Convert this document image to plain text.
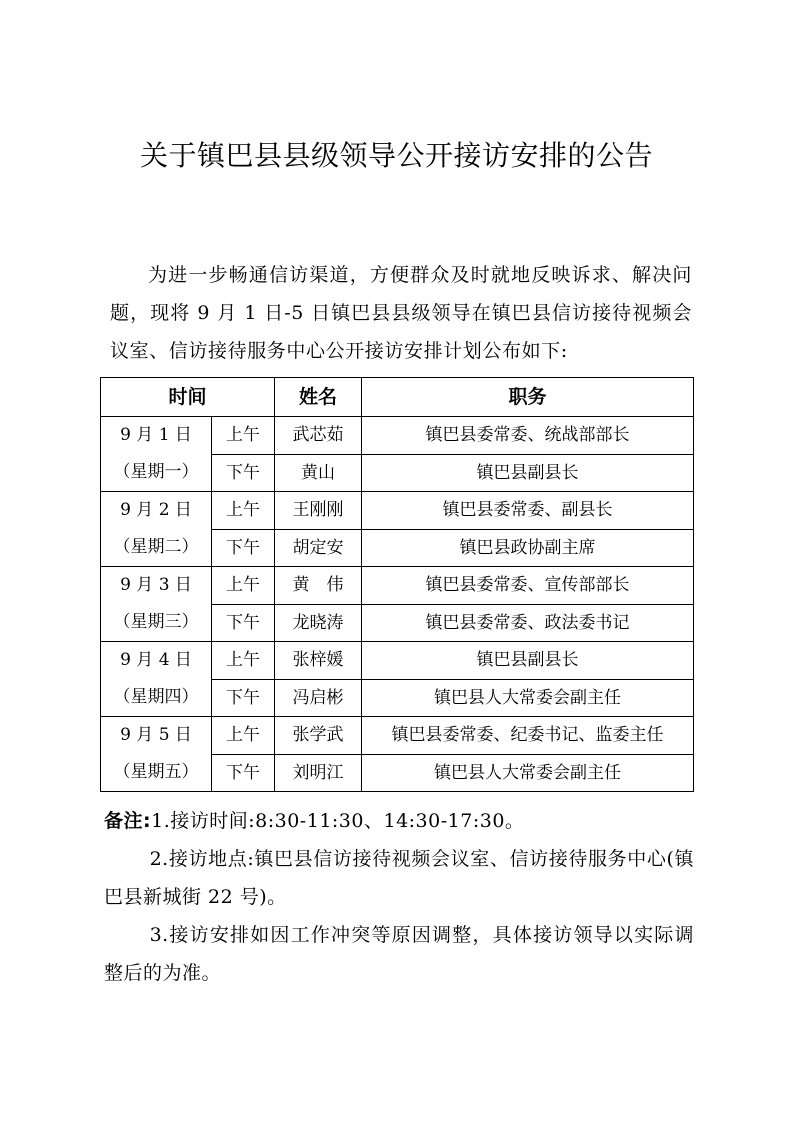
关于镇巴县县级领导公开接访安排的公告

为进一步畅通信访渠道，方便群众及时就地反映诉求、解决问题，现将 9 月 1 日-5 日镇巴县县级领导在镇巴县信访接待视频会议室、信访接待服务中心公开接访安排计划公布如下:

时间		姓名	职务

9 月 1 日
（星期一）	上午	武芯茹	镇巴县委常委、统战部部长
	下午	黄山	镇巴县副县长

9 月 2 日
（星期二）	上午	王刚刚	镇巴县委常委、副县长
	下午	胡定安	镇巴县政协副主席

9 月 3 日
（星期三）	上午	黄　伟	镇巴县委常委、宣传部部长
	下午	龙晓涛	镇巴县委常委、政法委书记

9 月 4 日
（星期四）	上午	张梓媛	镇巴县副县长
	下午	冯启彬	镇巴县人大常委会副主任

9 月 5 日
（星期五）	上午	张学武	镇巴县委常委、纪委书记、监委主任
	下午	刘明江	镇巴县人大常委会副主任

备注:1.接访时间:8:30-11:30、14:30-17:30。

2.接访地点:镇巴县信访接待视频会议室、信访接待服务中心(镇巴县新城街 22 号)。

3.接访安排如因工作冲突等原因调整，具体接访领导以实际调整后的为准。
